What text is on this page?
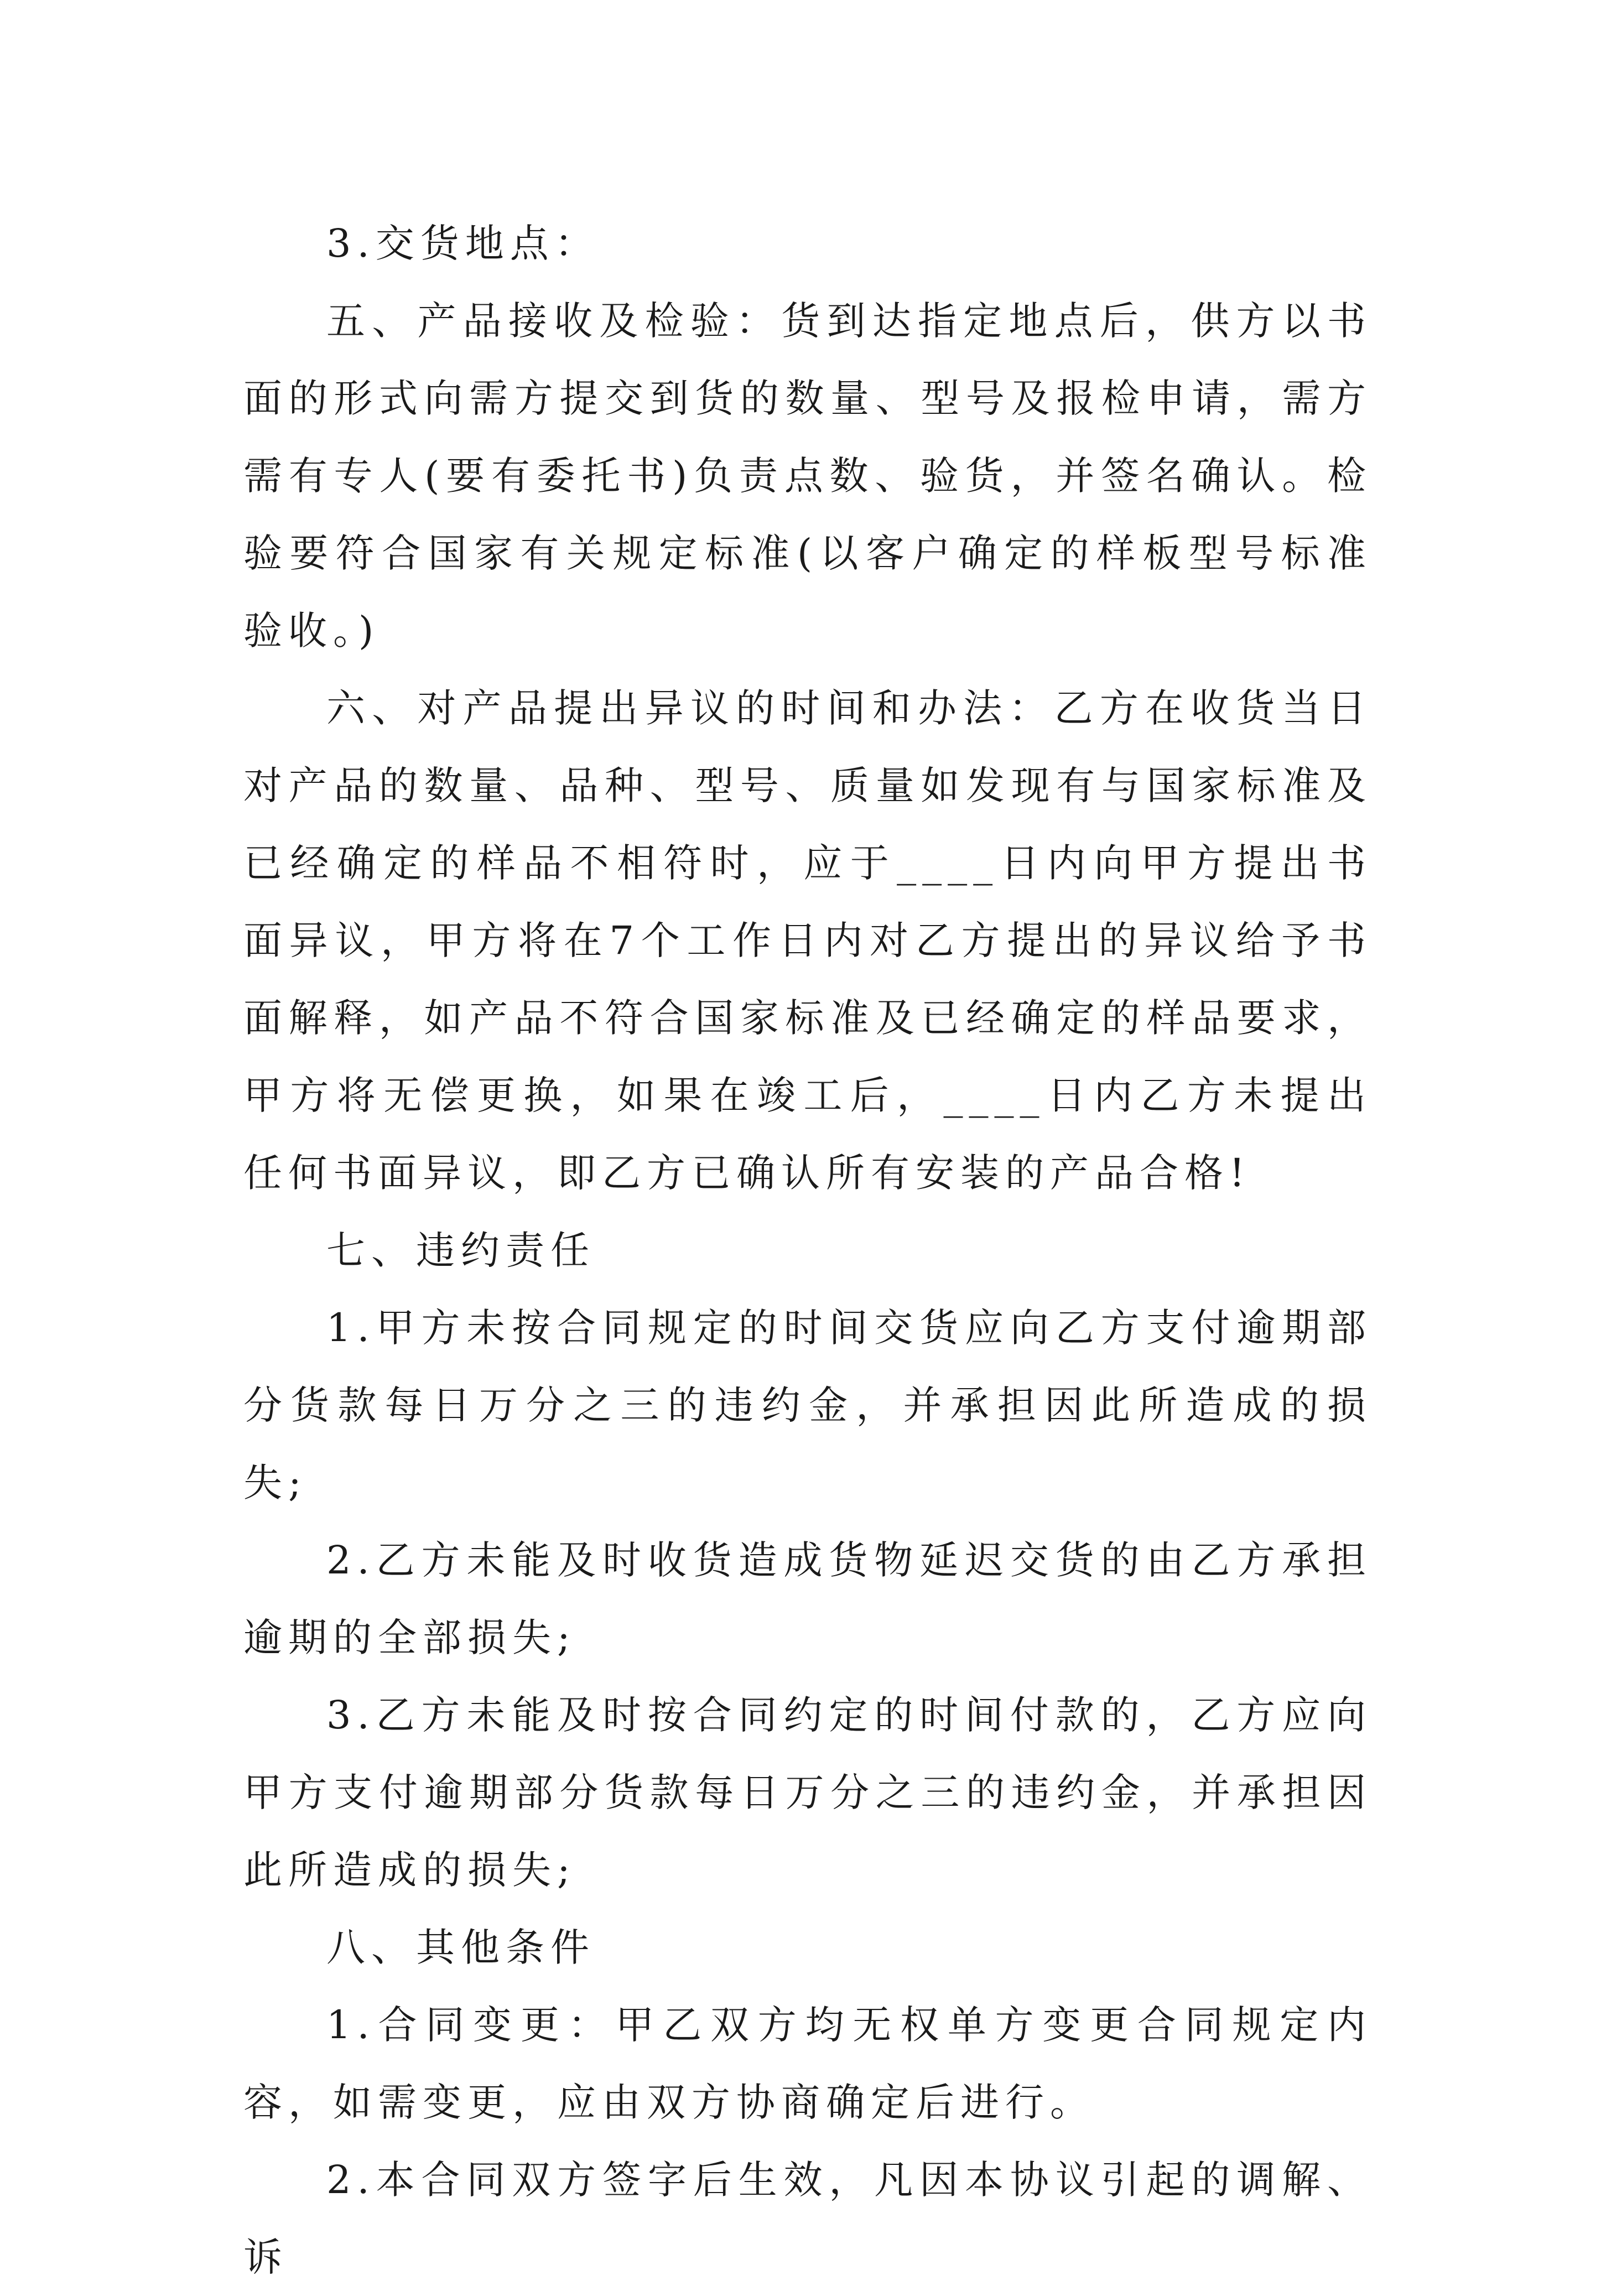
3.交货地点：

五、产品接收及检验：货到达指定地点后，供方以书面的形式向需方提交到货的数量、型号及报检申请，需方需有专人(要有委托书)负责点数、验货，并签名确认。检验要符合国家有关规定标准(以客户确定的样板型号标准验收。)

六、对产品提出异议的时间和办法：乙方在收货当日对产品的数量、品种、型号、质量如发现有与国家标准及已经确定的样品不相符时，应于____日内向甲方提出书面异议，甲方将在7个工作日内对乙方提出的异议给予书面解释，如产品不符合国家标准及已经确定的样品要求，甲方将无偿更换，如果在竣工后，____日内乙方未提出任何书面异议，即乙方已确认所有安装的产品合格!

七、违约责任

1.甲方未按合同规定的时间交货应向乙方支付逾期部分货款每日万分之三的违约金，并承担因此所造成的损失;

2.乙方未能及时收货造成货物延迟交货的由乙方承担逾期的全部损失;

3.乙方未能及时按合同约定的时间付款的，乙方应向甲方支付逾期部分货款每日万分之三的违约金，并承担因此所造成的损失;

八、其他条件

1.合同变更：甲乙双方均无权单方变更合同规定内容，如需变更，应由双方协商确定后进行。

2.本合同双方签字后生效，凡因本协议引起的调解、诉
